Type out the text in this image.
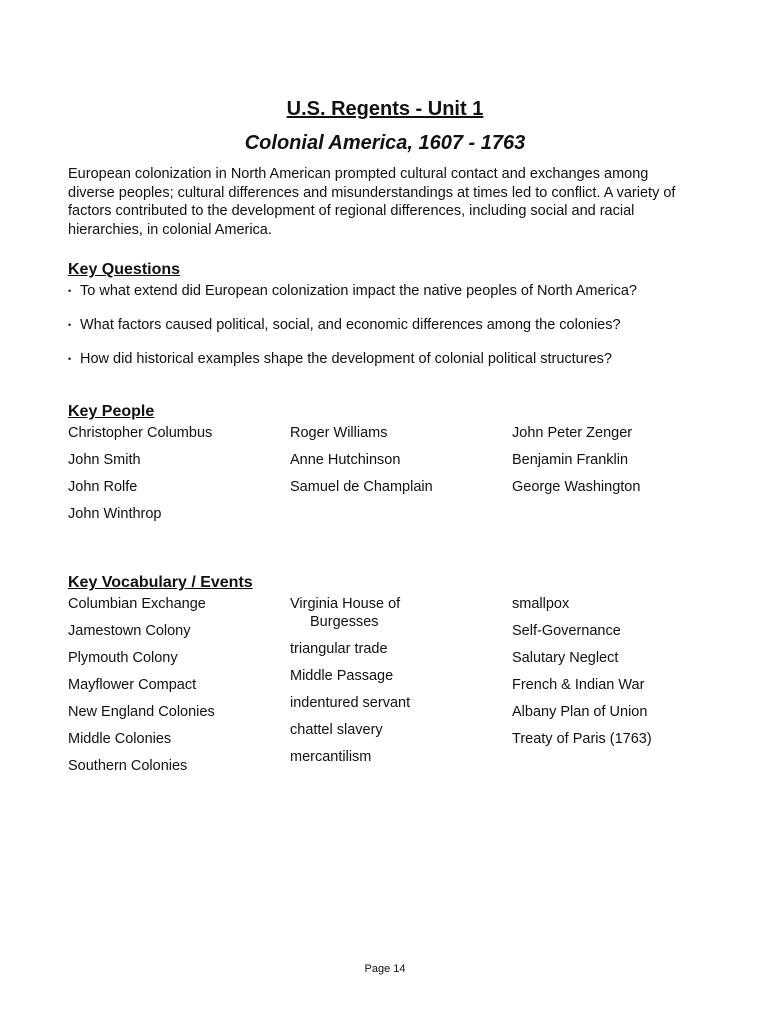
U.S. Regents - Unit 1
Colonial America, 1607 - 1763

European colonization in North American prompted cultural contact and exchanges among diverse peoples; cultural differences and misunderstandings at times led to conflict. A variety of factors contributed to the development of regional differences, including social and racial hierarchies, in colonial America.

Key Questions
• To what extend did European colonization impact the native peoples of North America?
• What factors caused political, social, and economic differences among the colonies?
• How did historical examples shape the development of colonial political structures?
Key People
Christopher Columbus
John Smith
John Rolfe
John Winthrop
Roger Williams
Anne Hutchinson
Samuel de Champlain
John Peter Zenger
Benjamin Franklin
George Washington
Key Vocabulary / Events
Columbian Exchange
Jamestown Colony
Plymouth Colony
Mayflower Compact
New England Colonies
Middle Colonies
Southern Colonies
Virginia House of
Burgesses
triangular trade
Middle Passage
indentured servant
chattel slavery
mercantilism
smallpox
Self-Governance
Salutary Neglect
French & Indian War
Albany Plan of Union
Treaty of Paris (1763)
Page 14
